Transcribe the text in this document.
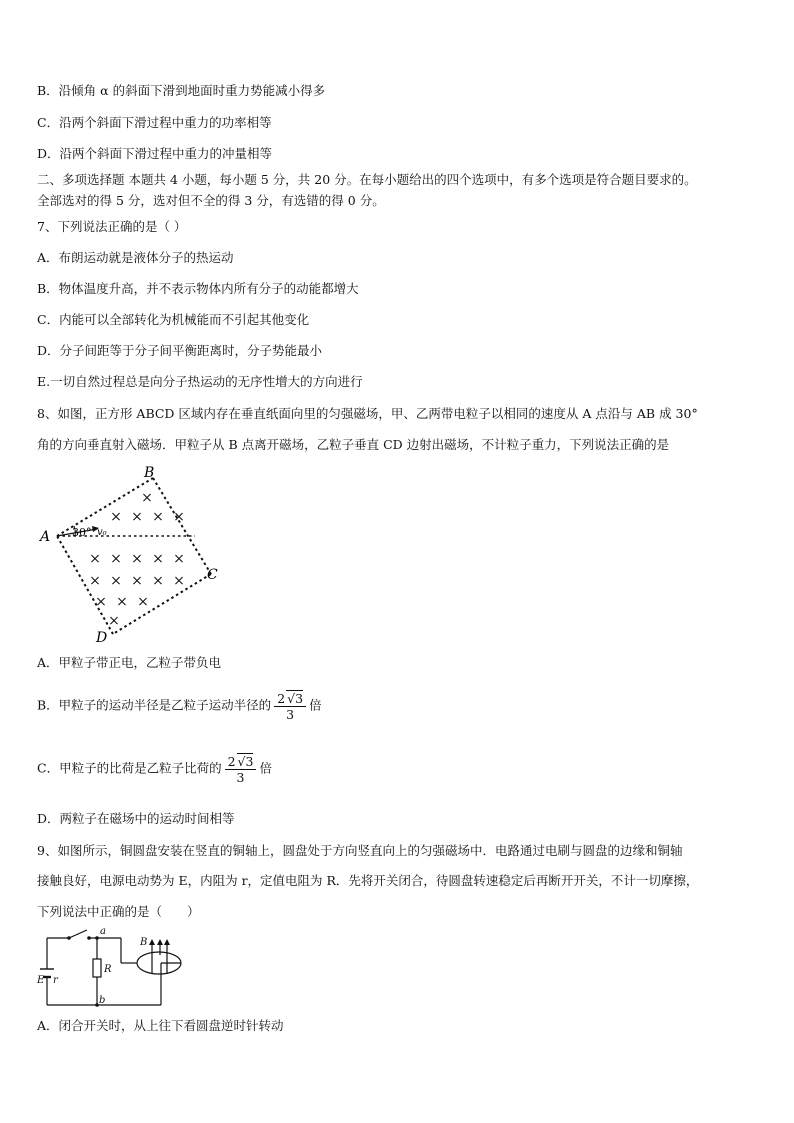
B．沿倾角 α 的斜面下滑到地面时重力势能减小得多
C．沿两个斜面下滑过程中重力的功率相等
D．沿两个斜面下滑过程中重力的冲量相等
二、多项选择题 本题共 4 小题，每小题 5 分，共 20 分。在每小题给出的四个选项中，有多个选项是符合题目要求的。
全部选对的得 5 分，选对但不全的得 3 分，有选错的得 0 分。
7、下列说法正确的是（ ）
A．布朗运动就是液体分子的热运动
B．物体温度升高，并不表示物体内所有分子的动能都增大
C．内能可以全部转化为机械能而不引起其他变化
D．分子间距等于分子间平衡距离时，分子势能最小
E.一切自然过程总是向分子热运动的无序性增大的方向进行
8、如图，正方形 ABCD 区域内存在垂直纸面向里的匀强磁场，甲、乙两带电粒子以相同的速度从 A 点沿与 AB 成 30°
角的方向垂直射入磁场．甲粒子从 B 点离开磁场，乙粒子垂直 CD 边射出磁场，不计粒子重力，下列说法正确的是
A
B
C
D
30° v₀
×
× × × ×
× × × × ×
× × × × ×
× × ×
×
A．甲粒子带正电，乙粒子带负电
B．甲粒子的运动半径是乙粒子运动半径的 $\frac{2 √3}{3}$ 倍
C．甲粒子的比荷是乙粒子比荷的 $\frac{2 √3}{3}$ 倍
D．两粒子在磁场中的运动时间相等
9、如图所示，铜圆盘安装在竖直的铜轴上，圆盘处于方向竖直向上的匀强磁场中．电路通过电刷与圆盘的边缘和铜轴
接触良好，电源电动势为 E，内阻为 r，定值电阻为 R．先将开关闭合，待圆盘转速稳定后再断开开关，不计一切摩擦，
下列说法中正确的是（　　）
E r
R
a
b
B
A．闭合开关时，从上往下看圆盘逆时针转动
